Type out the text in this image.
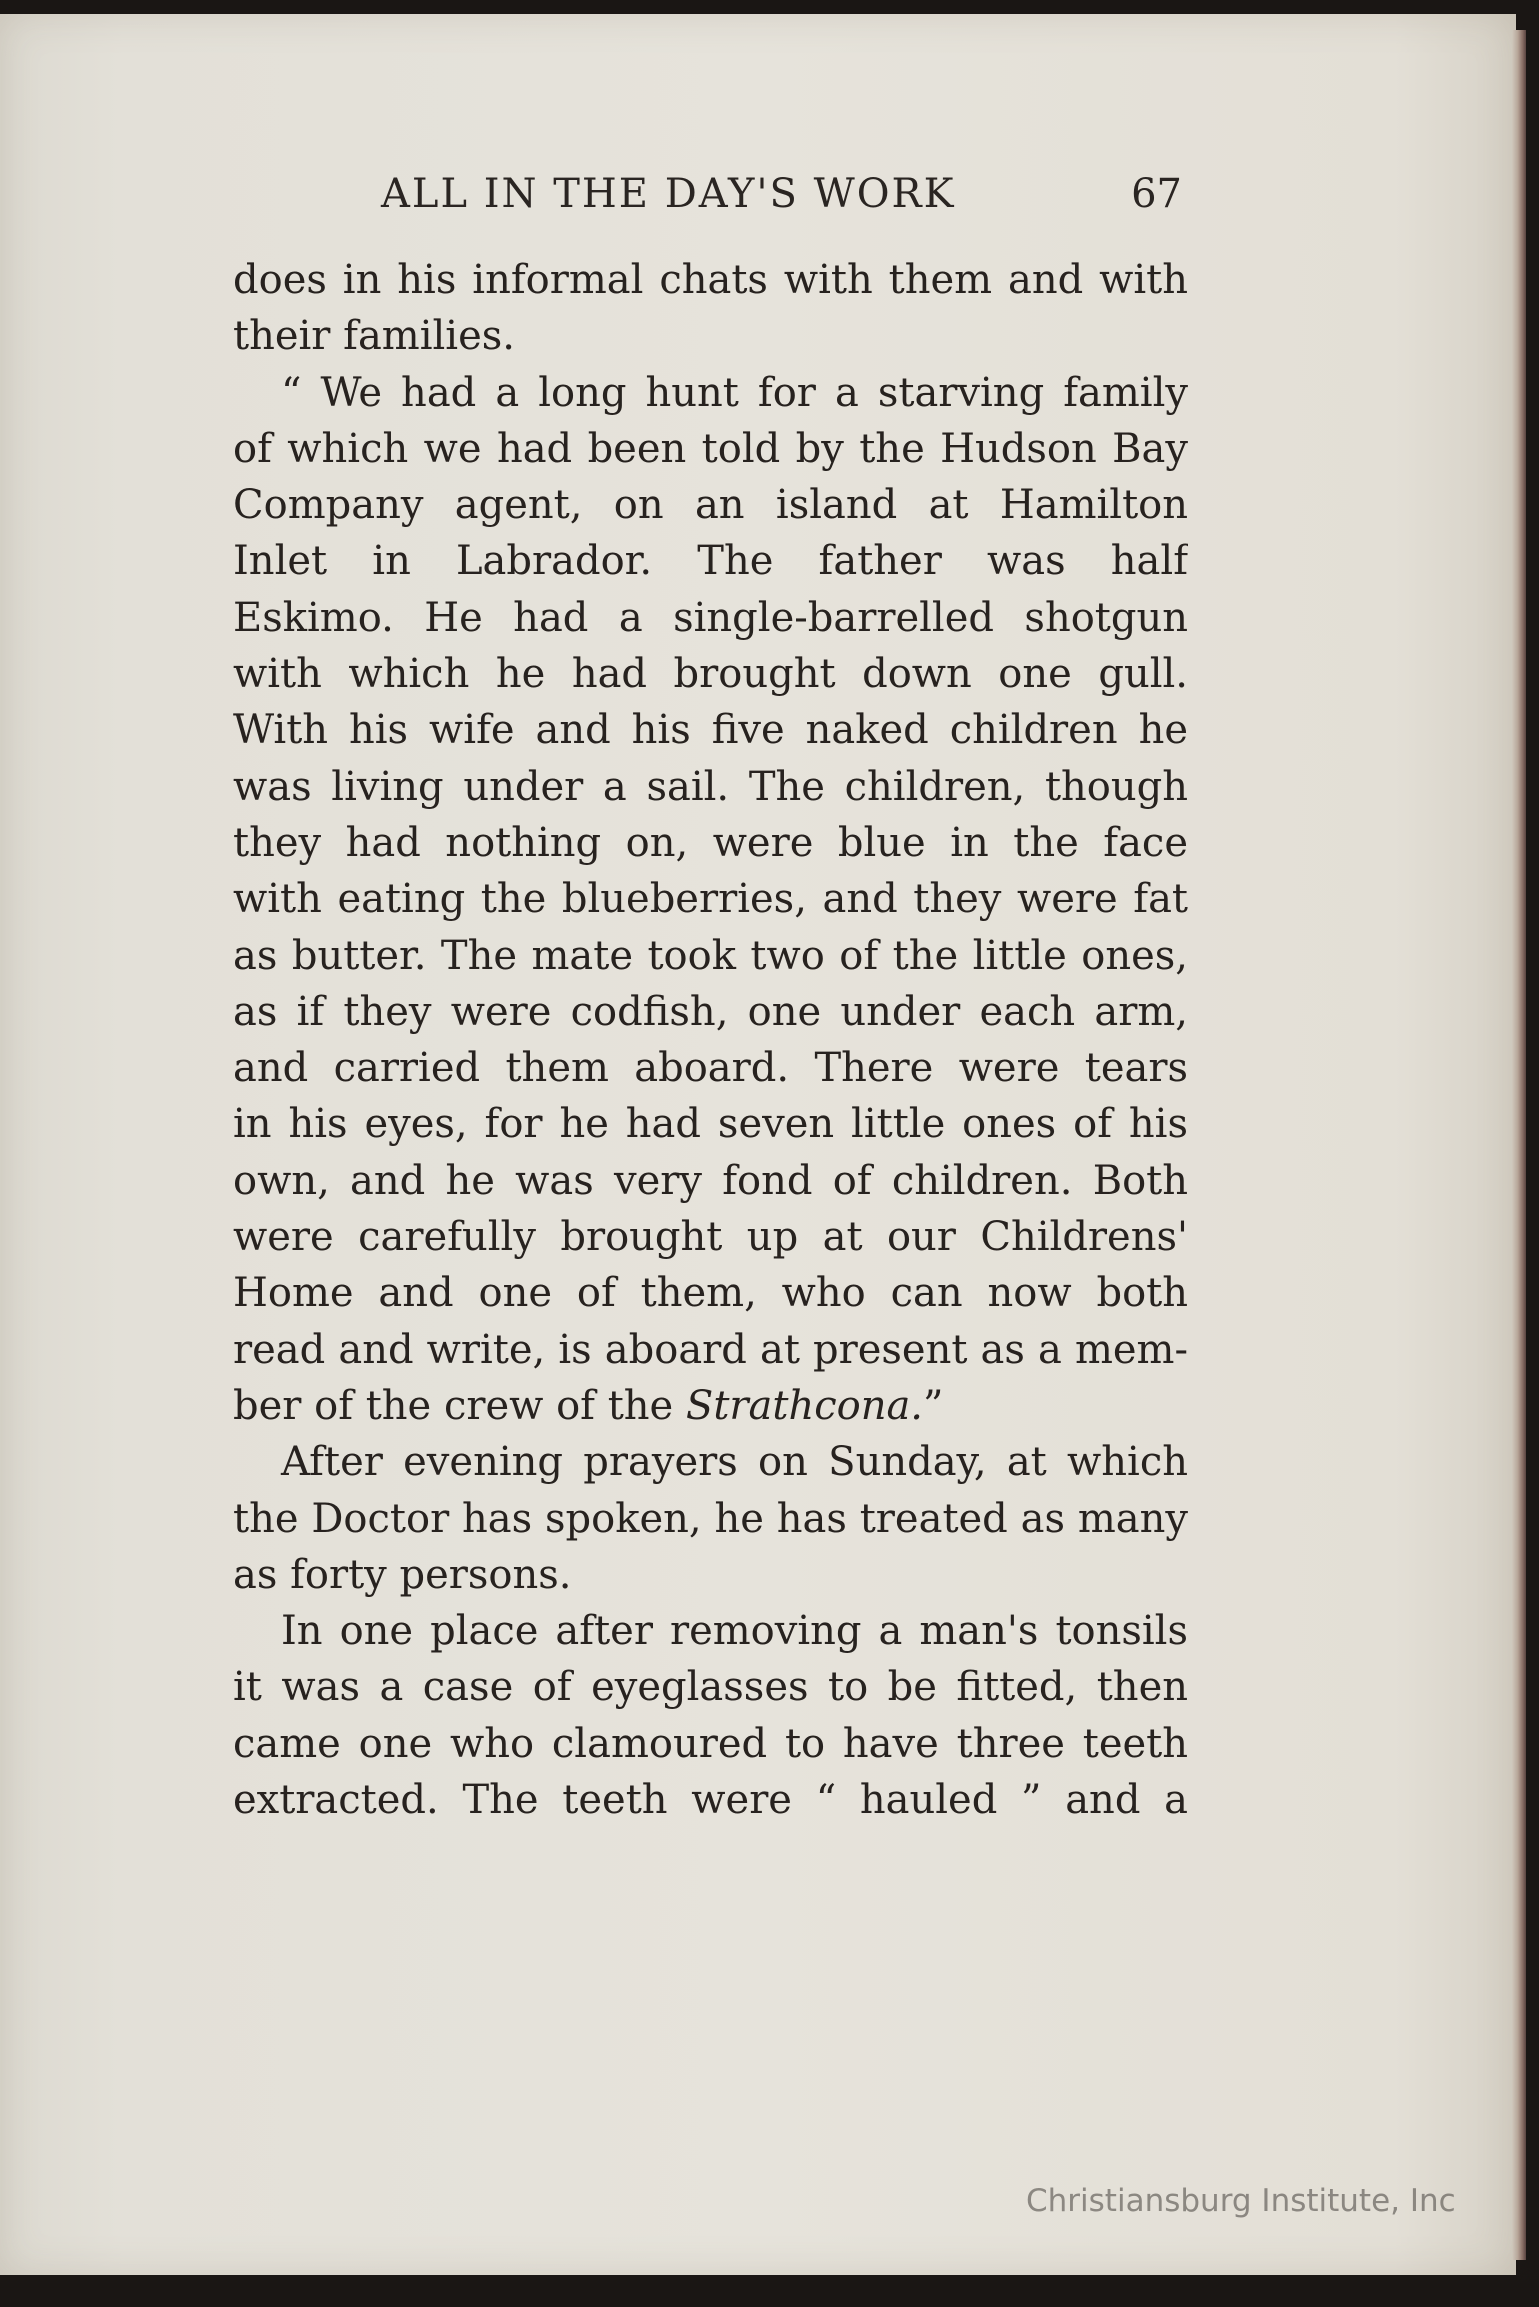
ALL IN THE DAY'S WORK	67
does in his informal chats with them and with
their families.
“ We had a long hunt for a starving family
of which we had been told by the Hudson Bay
Company agent, on an island at Hamilton
Inlet in Labrador. The father was half
Eskimo. He had a single-barrelled shotgun
with which he had brought down one gull.
With his wife and his five naked children he
was living under a sail. The children, though
they had nothing on, were blue in the face
with eating the blueberries, and they were fat
as butter. The mate took two of the little ones,
as if they were codfish, one under each arm,
and carried them aboard. There were tears
in his eyes, for he had seven little ones of his
own, and he was very fond of children. Both
were carefully brought up at our Childrens'
Home and one of them, who can now both
read and write, is aboard at present as a mem-
ber of the crew of the Strathcona.”
After evening prayers on Sunday, at which
the Doctor has spoken, he has treated as many
as forty persons.
In one place after removing a man's tonsils
it was a case of eyeglasses to be fitted, then
came one who clamoured to have three teeth
extracted. The teeth were “ hauled ” and a
Christiansburg Institute, Inc
